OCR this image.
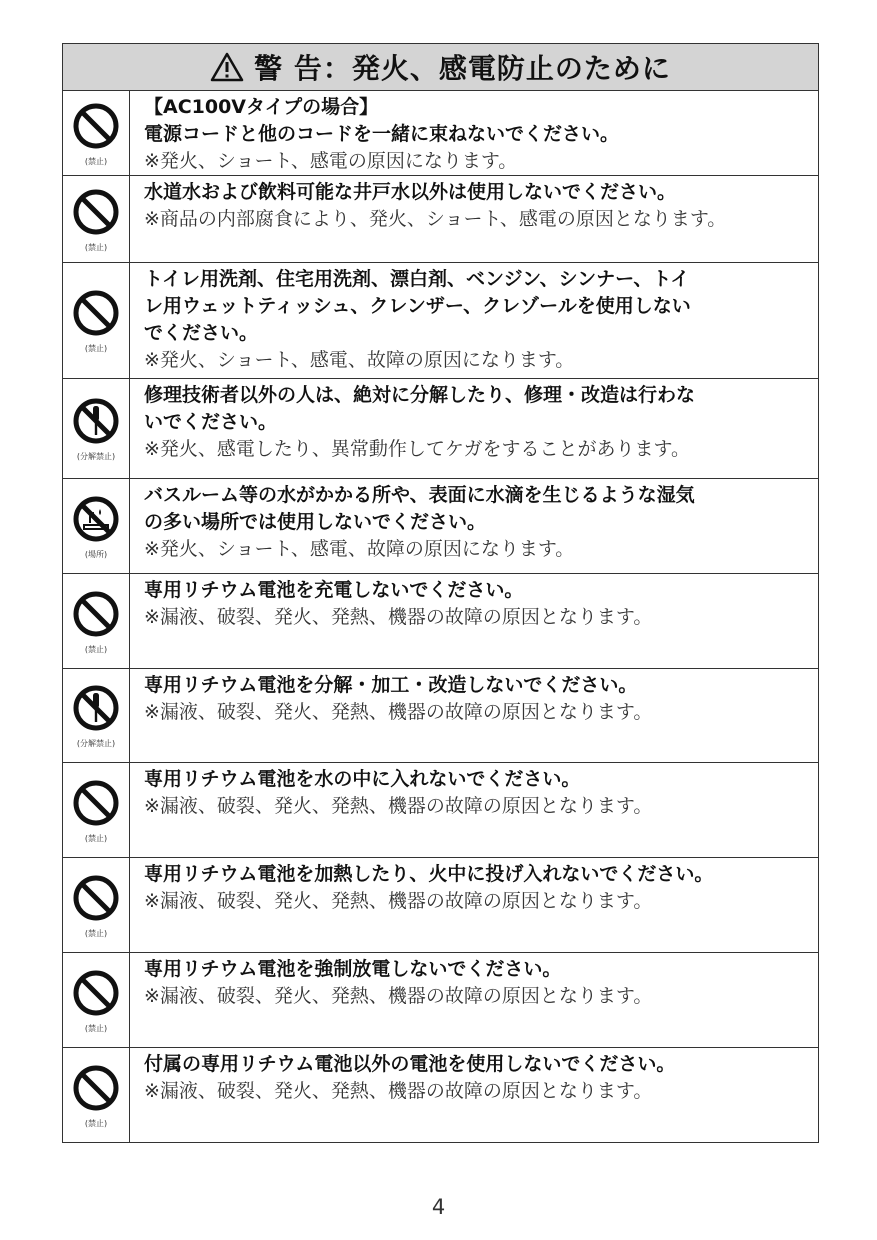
警 告：発火、感電防止のために
(禁止)
【AC100Vタイプの場合】
電源コードと他のコードを一緒に束ねないでください。
※発火、ショート、感電の原因になります。
(禁止)
水道水および飲料可能な井戸水以外は使用しないでください。
※商品の内部腐食により、発火、ショート、感電の原因となります。
(禁止)
トイレ用洗剤、住宅用洗剤、漂白剤、ベンジン、シンナー、トイ
レ用ウェットティッシュ、クレンザー、クレゾールを使用しない
でください。
※発火、ショート、感電、故障の原因になります。
(分解禁止)
修理技術者以外の人は、絶対に分解したり、修理・改造は行わな
いでください。
※発火、感電したり、異常動作してケガをすることがあります。
(場所)
バスルーム等の水がかかる所や、表面に水滴を生じるような湿気
の多い場所では使用しないでください。
※発火、ショート、感電、故障の原因になります。
(禁止)
専用リチウム電池を充電しないでください。
※漏液、破裂、発火、発熱、機器の故障の原因となります。
(分解禁止)
専用リチウム電池を分解・加工・改造しないでください。
※漏液、破裂、発火、発熱、機器の故障の原因となります。
(禁止)
専用リチウム電池を水の中に入れないでください。
※漏液、破裂、発火、発熱、機器の故障の原因となります。
(禁止)
専用リチウム電池を加熱したり、火中に投げ入れないでください。
※漏液、破裂、発火、発熱、機器の故障の原因となります。
(禁止)
専用リチウム電池を強制放電しないでください。
※漏液、破裂、発火、発熱、機器の故障の原因となります。
(禁止)
付属の専用リチウム電池以外の電池を使用しないでください。
※漏液、破裂、発火、発熱、機器の故障の原因となります。
4
